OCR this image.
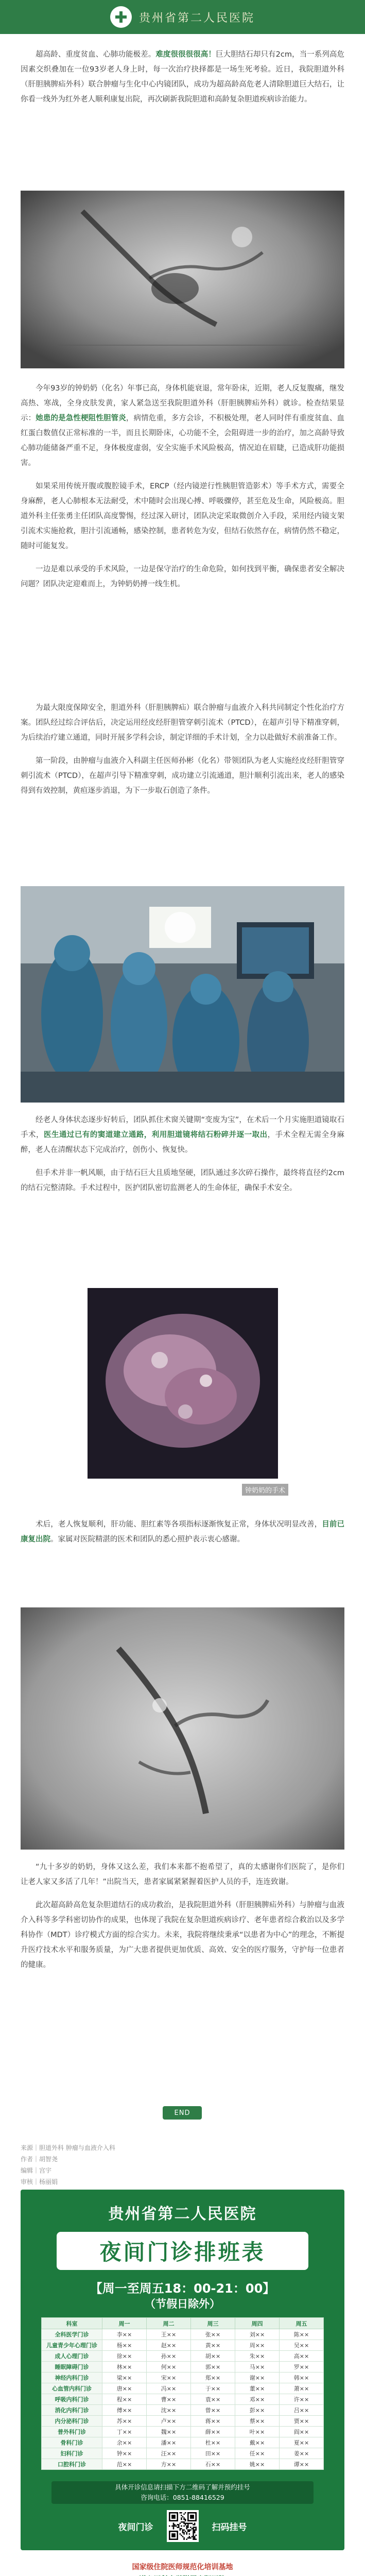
贵州省第二人民医院

超高龄、重度贫血、心肺功能极差。难度很很很很高！巨大胆结石却只有2cm，当一系列高危因素交织叠加在一位93岁老人身上时，每一次治疗抉择都是一场生死考验。近日，我院胆道外科（肝胆胰脾疝外科）联合肿瘤与生化中心内镜团队，成功为超高龄高危老人清除胆道巨大结石，让你看一线外为红外老人顺利康复出院，再次刷新我院胆道和高龄复杂胆道疾病诊治能力。

今年93岁的钟奶奶（化名）年事已高，身体机能衰退，常年卧床，近期，老人反复腹痛，继发高热、寒战，全身皮肤发黄，家人紧急送至我院胆道外科（肝胆胰脾疝外科）就诊。检查结果显示：她患的是急性梗阻性胆管炎，病情危重，多方会诊，不积极处理，老人同时伴有重度贫血、血红蛋白数值仅正常标准的一半，而且长期卧床，心功能不全，会阻碍进一步的治疗，加之高龄导致心肺功能储备严重不足，身体极度虚弱，安全实施手术风险极高，情况迫在眉睫，已造成肝功能损害。

如果采用传统开腹或腹腔镜手术，ERCP（经内镜逆行性胰胆管造影术）等手术方式，需要全身麻醉，老人心肺根本无法耐受，术中随时会出现心搏、呼吸骤停，甚至危及生命，风险极高。胆道外科主任张勇主任团队高度警惕，经过深入研讨，团队决定采取微创介入手段，采用经内镜支架引流术实施抢救，胆汁引流通畅，感染控制，患者转危为安，但结石依然存在，病情仍然不稳定，随时可能复发。

一边是难以承受的手术风险，一边是保守治疗的生命危险，如何找到平衡，确保患者安全解决问题？团队决定迎难而上，为钟奶奶搏一线生机。

为最大限度保障安全，胆道外科（肝胆胰脾疝）联合肿瘤与血液介入科共同制定个性化治疗方案。团队经过综合评估后，决定运用经皮经肝胆管穿刺引流术（PTCD），在超声引导下精准穿刺，为后续治疗建立通道，同时开展多学科会诊，制定详细的手术计划，全力以赴做好术前准备工作。

第一阶段，由肿瘤与血液介入科副主任医师孙彬（化名）带领团队为老人实施经皮经肝胆管穿刺引流术（PTCD），在超声引导下精准穿刺，成功建立引流通道，胆汁顺利引流出来，老人的感染得到有效控制，黄疸逐步消退，为下一步取石创造了条件。

经老人身体状态逐步好转后，团队抓住术窗关键期“变废为宝”，在术后一个月实施胆道镜取石手术，医生通过已有的窦道建立通路，利用胆道镜将结石粉碎并逐一取出，手术全程无需全身麻醉，老人在清醒状态下完成治疗，创伤小、恢复快。

但手术并非一帆风顺，由于结石巨大且质地坚硬，团队通过多次碎石操作，最终将直径约2cm的结石完整清除。手术过程中，医护团队密切监测老人的生命体征，确保手术安全。

钟奶奶的手术

术后，老人恢复顺利，肝功能、胆红素等各项指标逐渐恢复正常，身体状况明显改善，目前已康复出院。家属对医院精湛的医术和团队的悉心照护表示衷心感谢。

“九十多岁的奶奶，身体又这么差，我们本来都不抱希望了，真的太感谢你们医院了，是你们让老人家又多活了几年！”出院当天，患者家属紧紧握着医护人员的手，连连致谢。

此次超高龄高危复杂胆道结石的成功救治，是我院胆道外科（肝胆胰脾疝外科）与肿瘤与血液介入科等多学科密切协作的成果，也体现了我院在复杂胆道疾病诊疗、老年患者综合救治以及多学科协作（MDT）诊疗模式方面的综合实力。未来，我院将继续秉承“以患者为中心”的理念，不断提升医疗技术水平和服务质量，为广大患者提供更加优质、高效、安全的医疗服务，守护每一位患者的健康。

END
来源｜胆道外科 肿瘤与血液介入科
作者｜胡智尧
编辑｜宫宇
审核｜杨丽娟
贵州省第二人民医院
夜间门诊排班表
【周一至周五18：00-21：00】
（节假日除外）
科室	周一	周二	周三	周四	周五
全科医学门诊	李××	王××	张××	刘××	陈××
儿童青少年心理门诊	杨××	赵××	黄××	周××	吴××
成人心理门诊	徐××	孙××	胡××	朱××	高××
睡眠障碍门诊	林××	何××	郭××	马××	罗××
神经内科门诊	梁××	宋××	郑××	谢××	韩××
心血管内科门诊	唐××	冯××	于××	董××	萧××
呼吸内科门诊	程××	曹××	袁××	邓××	许××
消化内科门诊	傅××	沈××	曾××	彭××	吕××
内分泌科门诊	苏××	卢××	蒋××	蔡××	贾××
普外科门诊	丁××	魏××	薛××	叶××	阎××
骨科门诊	余××	潘××	杜××	戴××	夏××
妇科门诊	钟××	汪××	田××	任××	姜××
口腔科门诊	范××	方××	石××	姚××	谭××
具体开诊信息请扫描下方二维码了解并预约挂号
咨询电话：0851-88416529
夜间门诊	扫码挂号
国家级住院医师规范化培训基地
